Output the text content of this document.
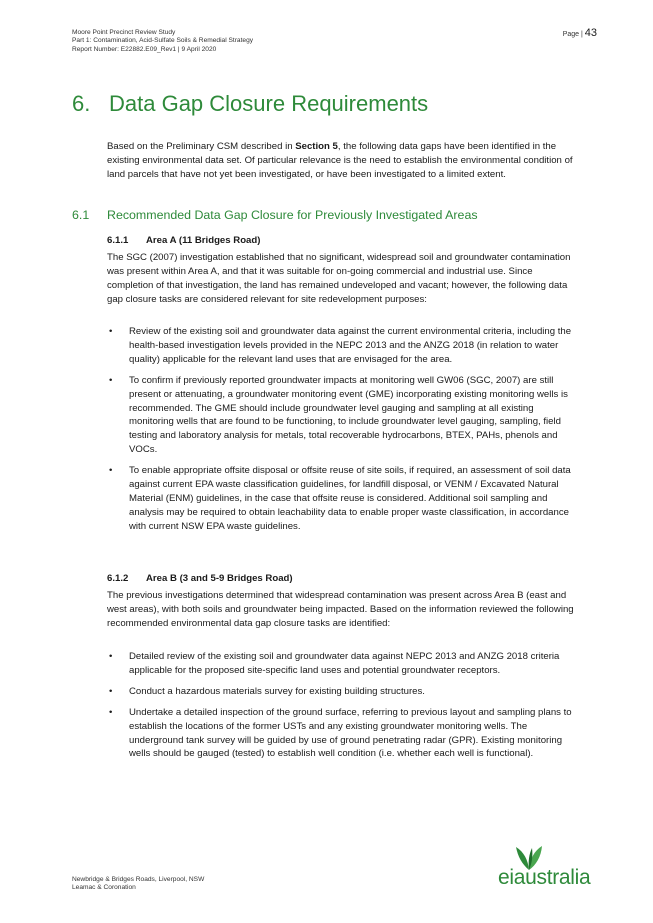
Moore Point Precinct Review Study
Part 1: Contamination, Acid-Sulfate Soils & Remedial Strategy
Report Number: E22882.E09_Rev1 | 9 April 2020
Page | 43
6. Data Gap Closure Requirements

Based on the Preliminary CSM described in Section 5, the following data gaps have been identified in the existing environmental data set. Of particular relevance is the need to establish the environmental condition of land parcels that have not yet been investigated, or have been investigated to a limited extent.

6.1 Recommended Data Gap Closure for Previously Investigated Areas
6.1.1 Area A (11 Bridges Road)

The SGC (2007) investigation established that no significant, widespread soil and groundwater contamination was present within Area A, and that it was suitable for on-going commercial and industrial use. Since completion of that investigation, the land has remained undeveloped and vacant; however, the following data gap closure tasks are considered relevant for site redevelopment purposes:

• Review of the existing soil and groundwater data against the current environmental criteria, including the health-based investigation levels provided in the NEPC 2013 and the ANZG 2018 (in relation to water quality) applicable for the relevant land uses that are envisaged for the area.
• To confirm if previously reported groundwater impacts at monitoring well GW06 (SGC, 2007) are still present or attenuating, a groundwater monitoring event (GME) incorporating existing monitoring wells is recommended. The GME should include groundwater level gauging and sampling at all existing monitoring wells that are found to be functioning, to include groundwater level gauging, sampling, field testing and laboratory analysis for metals, total recoverable hydrocarbons, BTEX, PAHs, phenols and VOCs.
• To enable appropriate offsite disposal or offsite reuse of site soils, if required, an assessment of soil data against current EPA waste classification guidelines, for landfill disposal, or VENM / Excavated Natural Material (ENM) guidelines, in the case that offsite reuse is considered. Additional soil sampling and analysis may be required to obtain leachability data to enable proper waste classification, in accordance with current NSW EPA waste guidelines.
6.1.2 Area B (3 and 5-9 Bridges Road)

The previous investigations determined that widespread contamination was present across Area B (east and west areas), with both soils and groundwater being impacted. Based on the information reviewed the following recommended environmental data gap closure tasks are identified:

• Detailed review of the existing soil and groundwater data against NEPC 2013 and ANZG 2018 criteria applicable for the proposed site-specific land uses and potential groundwater receptors.
• Conduct a hazardous materials survey for existing building structures.
• Undertake a detailed inspection of the ground surface, referring to previous layout and sampling plans to establish the locations of the former USTs and any existing groundwater monitoring wells. The underground tank survey will be guided by use of ground penetrating radar (GPR). Existing monitoring wells should be gauged (tested) to establish well condition (i.e. whether each well is functional).
Newbridge & Bridges Roads, Liverpool, NSW
Leamac & Coronation	eiaustralia
